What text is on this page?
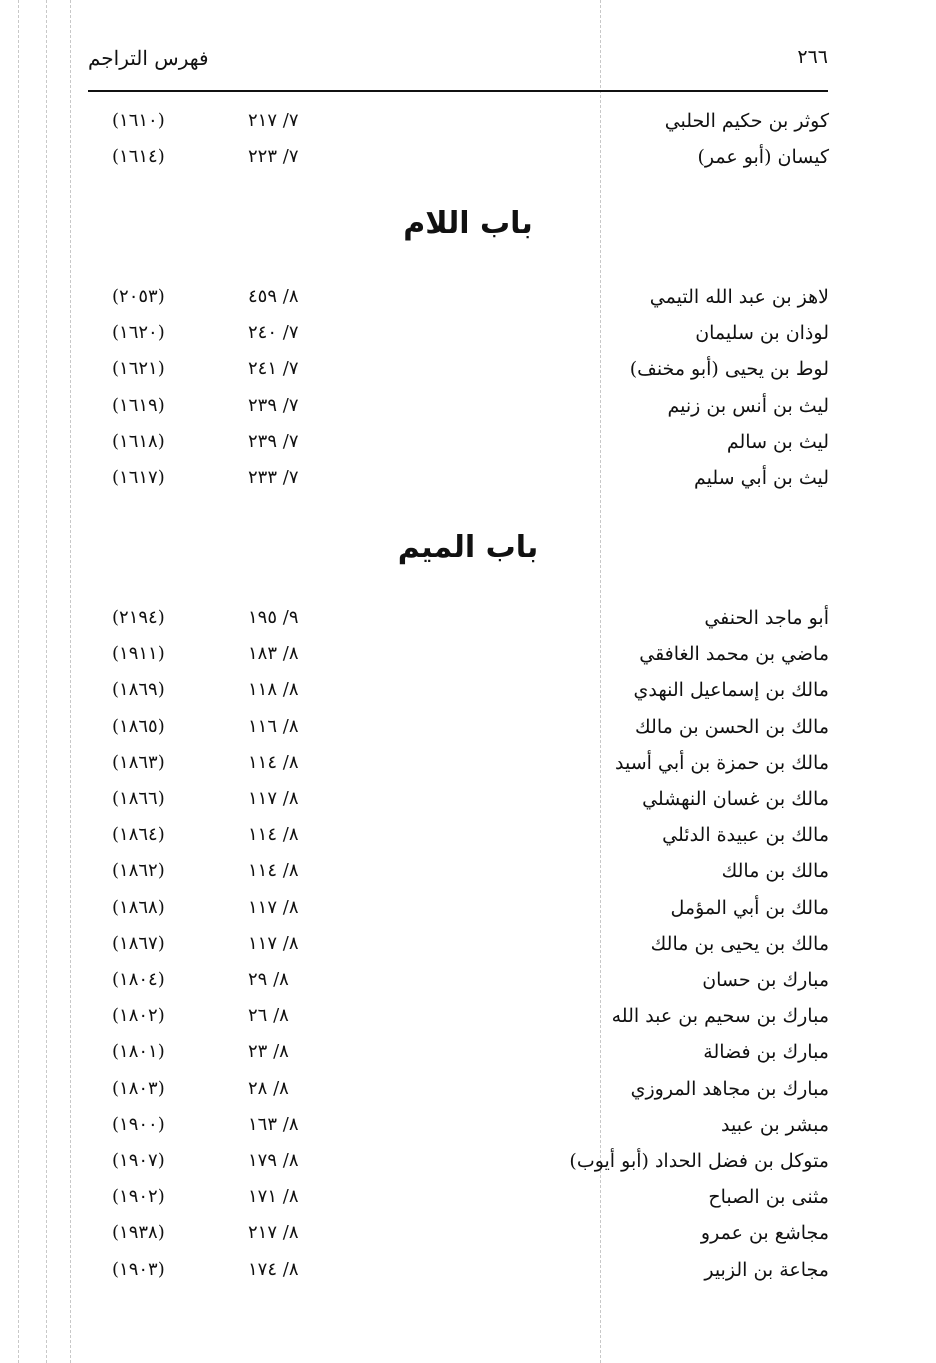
٢٦٦
فهرس التراجم
كوثر بن حكيم الحلبي
٧/ ٢١٧
(١٦١٠)
كيسان (أبو عمر)
٧/ ٢٢٣
(١٦١٤)
باب اللام
لاهز بن عبد الله التيمي
٨/ ٤٥٩
(٢٠٥٣)
لوذان بن سليمان
٧/ ٢٤٠
(١٦٢٠)
لوط بن يحيى (أبو مخنف)
٧/ ٢٤١
(١٦٢١)
ليث بن أنس بن زنيم
٧/ ٢٣٩
(١٦١٩)
ليث بن سالم
٧/ ٢٣٩
(١٦١٨)
ليث بن أبي سليم
٧/ ٢٣٣
(١٦١٧)
باب الميم
أبو ماجد الحنفي
٩/ ١٩٥
(٢١٩٤)
ماضي بن محمد الغافقي
٨/ ١٨٣
(١٩١١)
مالك بن إسماعيل النهدي
٨/ ١١٨
(١٨٦٩)
مالك بن الحسن بن مالك
٨/ ١١٦
(١٨٦٥)
مالك بن حمزة بن أبي أسيد
٨/ ١١٤
(١٨٦٣)
مالك بن غسان النهشلي
٨/ ١١٧
(١٨٦٦)
مالك بن عبيدة الدئلي
٨/ ١١٤
(١٨٦٤)
مالك بن مالك
٨/ ١١٤
(١٨٦٢)
مالك بن أبي المؤمل
٨/ ١١٧
(١٨٦٨)
مالك بن يحيى بن مالك
٨/ ١١٧
(١٨٦٧)
مبارك بن حسان
٨/ ٢٩
(١٨٠٤)
مبارك بن سحيم بن عبد الله
٨/ ٢٦
(١٨٠٢)
مبارك بن فضالة
٨/ ٢٣
(١٨٠١)
مبارك بن مجاهد المروزي
٨/ ٢٨
(١٨٠٣)
مبشر بن عبيد
٨/ ١٦٣
(١٩٠٠)
متوكل بن فضل الحداد (أبو أيوب)
٨/ ١٧٩
(١٩٠٧)
مثنى بن الصباح
٨/ ١٧١
(١٩٠٢)
مجاشع بن عمرو
٨/ ٢١٧
(١٩٣٨)
مجاعة بن الزبير
٨/ ١٧٤
(١٩٠٣)
